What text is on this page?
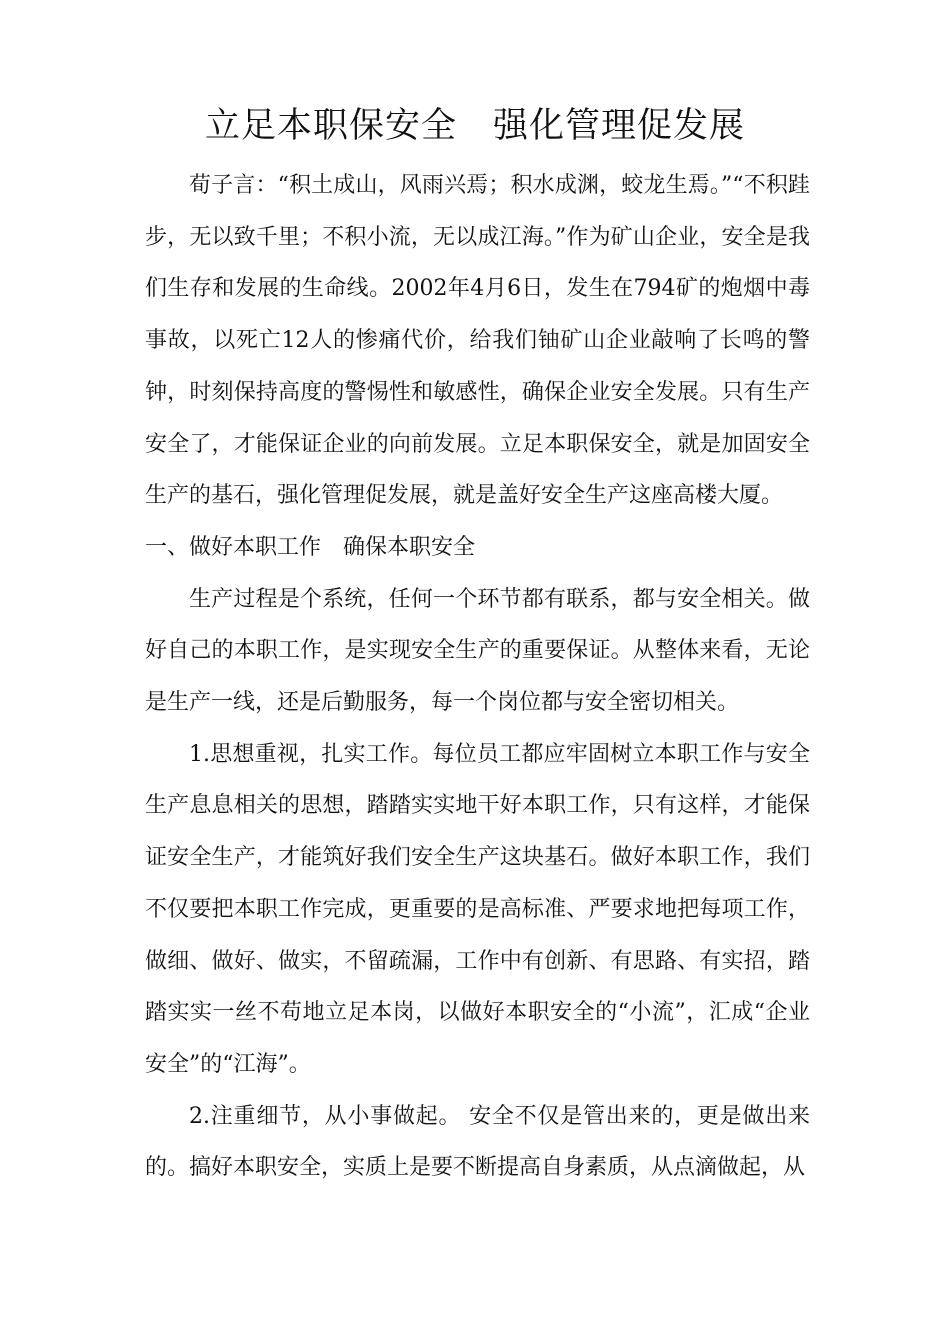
立足本职保安全　强化管理促发展

荀子言：“积土成山，风雨兴焉；积水成渊，蛟龙生焉。”“不积跬步，无以致千里；不积小流，无以成江海。”作为矿山企业，安全是我们生存和发展的生命线。2002年4月6日，发生在794矿的炮烟中毒事故，以死亡12人的惨痛代价，给我们铀矿山企业敲响了长鸣的警钟，时刻保持高度的警惕性和敏感性，确保企业安全发展。只有生产安全了，才能保证企业的向前发展。立足本职保安全，就是加固安全生产的基石，强化管理促发展，就是盖好安全生产这座高楼大厦。

一、做好本职工作　确保本职安全

生产过程是个系统，任何一个环节都有联系，都与安全相关。做好自己的本职工作，是实现安全生产的重要保证。从整体来看，无论是生产一线，还是后勤服务，每一个岗位都与安全密切相关。

1.思想重视，扎实工作。每位员工都应牢固树立本职工作与安全生产息息相关的思想，踏踏实实地干好本职工作，只有这样，才能保证安全生产，才能筑好我们安全生产这块基石。做好本职工作，我们不仅要把本职工作完成，更重要的是高标准、严要求地把每项工作，做细、做好、做实，不留疏漏，工作中有创新、有思路、有实招，踏踏实实一丝不苟地立足本岗，以做好本职安全的“小流”，汇成“企业安全”的“江海”。

2.注重细节，从小事做起。 安全不仅是管出来的，更是做出来的。搞好本职安全，实质上是要不断提高自身素质，从点滴做起，从
